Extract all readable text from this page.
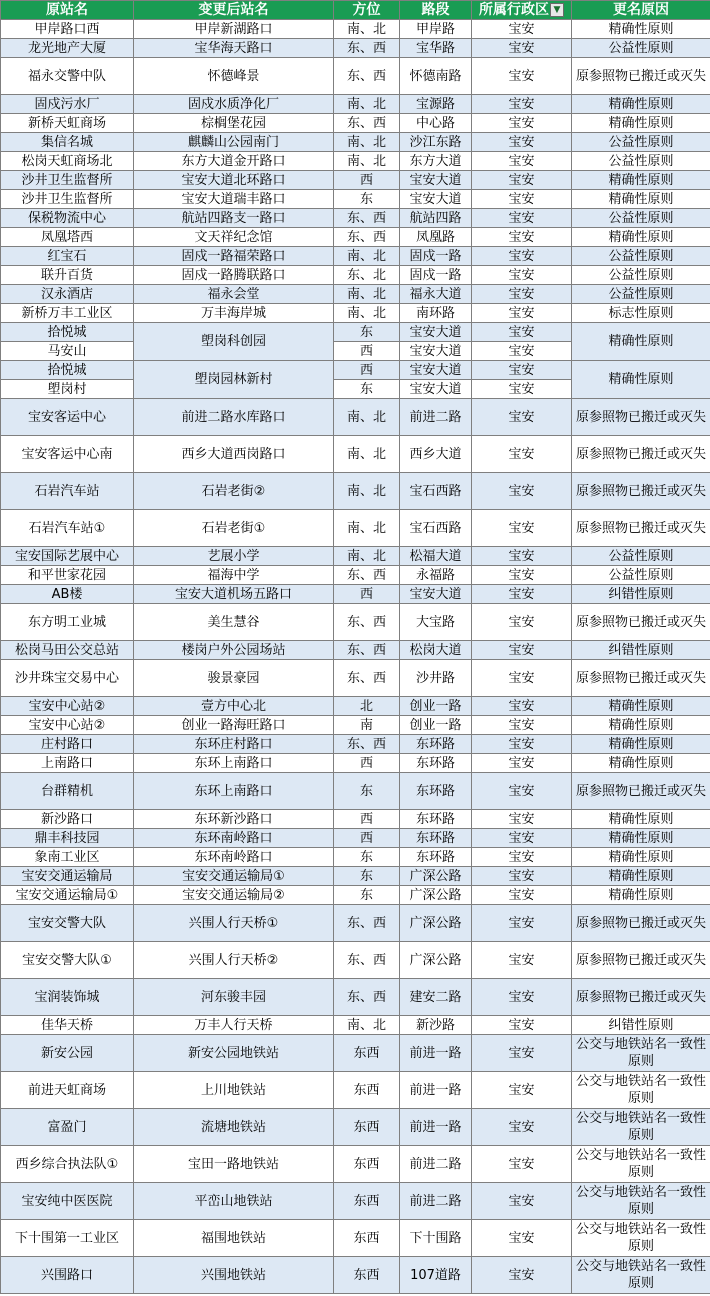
原站名	变更后站名	方位	路段	所属行政区 ▼	更名原因
甲岸路口西	甲岸新湖路口	南、北	甲岸路	宝安	精确性原则
龙光地产大厦	宝华海天路口	东、西	宝华路	宝安	公益性原则
福永交警中队	怀德峰景	东、西	怀德南路	宝安	原参照物已搬迁或灭失
固戍污水厂	固戍水质净化厂	南、北	宝源路	宝安	精确性原则
新桥天虹商场	棕榈堡花园	东、西	中心路	宝安	精确性原则
集信名城	麒麟山公园南门	南、北	沙江东路	宝安	公益性原则
松岗天虹商场北	东方大道金开路口	南、北	东方大道	宝安	公益性原则
沙井卫生监督所	宝安大道北环路口	西	宝安大道	宝安	精确性原则
沙井卫生监督所	宝安大道瑞丰路口	东	宝安大道	宝安	精确性原则
保税物流中心	航站四路支一路口	东、西	航站四路	宝安	公益性原则
凤凰塔西	文天祥纪念馆	东、西	凤凰路	宝安	精确性原则
红宝石	固戍一路福荣路口	南、北	固戍一路	宝安	公益性原则
联升百货	固戍一路腾联路口	东、北	固戍一路	宝安	公益性原则
汉永酒店	福永会堂	南、北	福永大道	宝安	公益性原则
新桥万丰工业区	万丰海岸城	南、北	南环路	宝安	标志性原则
拾悦城	塱岗科创园	东	宝安大道	宝安	精确性原则
马安山		西	宝安大道	宝安	
拾悦城	塱岗园林新村	西	宝安大道	宝安	精确性原则
塱岗村		东	宝安大道	宝安	
宝安客运中心	前进二路水库路口	南、北	前进二路	宝安	原参照物已搬迁或灭失
宝安客运中心南	西乡大道西岗路口	南、北	西乡大道	宝安	原参照物已搬迁或灭失
石岩汽车站	石岩老街②	南、北	宝石西路	宝安	原参照物已搬迁或灭失
石岩汽车站①	石岩老街①	南、北	宝石西路	宝安	原参照物已搬迁或灭失
宝安国际艺展中心	艺展小学	南、北	松福大道	宝安	公益性原则
和平世家花园	福海中学	东、西	永福路	宝安	公益性原则
AB楼	宝安大道机场五路口	西	宝安大道	宝安	纠错性原则
东方明工业城	美生慧谷	东、西	大宝路	宝安	原参照物已搬迁或灭失
松岗马田公交总站	楼岗户外公园场站	东、西	松岗大道	宝安	纠错性原则
沙井珠宝交易中心	骏景豪园	东、西	沙井路	宝安	原参照物已搬迁或灭失
宝安中心站②	壹方中心北	北	创业一路	宝安	精确性原则
宝安中心站②	创业一路海旺路口	南	创业一路	宝安	精确性原则
庄村路口	东环庄村路口	东、西	东环路	宝安	精确性原则
上南路口	东环上南路口	西	东环路	宝安	精确性原则
台群精机	东环上南路口	东	东环路	宝安	原参照物已搬迁或灭失
新沙路口	东环新沙路口	西	东环路	宝安	精确性原则
鼎丰科技园	东环南岭路口	西	东环路	宝安	精确性原则
象南工业区	东环南岭路口	东	东环路	宝安	精确性原则
宝安交通运输局	宝安交通运输局①	东	广深公路	宝安	精确性原则
宝安交通运输局①	宝安交通运输局②	东	广深公路	宝安	精确性原则
宝安交警大队	兴围人行天桥①	东、西	广深公路	宝安	原参照物已搬迁或灭失
宝安交警大队①	兴围人行天桥②	东、西	广深公路	宝安	原参照物已搬迁或灭失
宝润装饰城	河东骏丰园	东、西	建安二路	宝安	原参照物已搬迁或灭失
佳华天桥	万丰人行天桥	南、北	新沙路	宝安	纠错性原则
新安公园	新安公园地铁站	东西	前进一路	宝安	公交与地铁站名一致性原则
前进天虹商场	上川地铁站	东西	前进一路	宝安	公交与地铁站名一致性原则
富盈门	流塘地铁站	东西	前进一路	宝安	公交与地铁站名一致性原则
西乡综合执法队①	宝田一路地铁站	东西	前进二路	宝安	公交与地铁站名一致性原则
宝安纯中医医院	平峦山地铁站	东西	前进二路	宝安	公交与地铁站名一致性原则
下十围第一工业区	福围地铁站	东西	下十围路	宝安	公交与地铁站名一致性原则
兴围路口	兴围地铁站	东西	107道路	宝安	公交与地铁站名一致性原则
